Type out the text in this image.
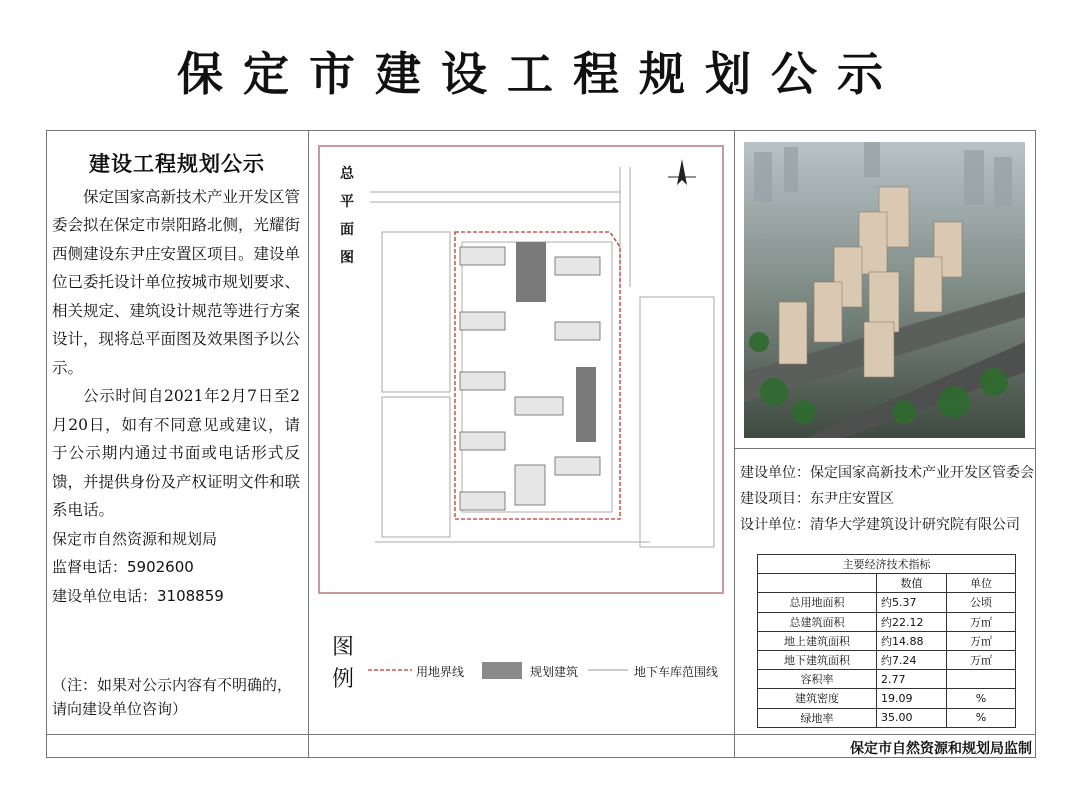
保定市建设工程规划公示
建设工程规划公示
保定国家高新技术产业开发区管委会拟在保定市崇阳路北侧，光耀街西侧建设东尹庄安置区项目。建设单位已委托设计单位按城市规划要求、相关规定、建筑设计规范等进行方案设计，现将总平面图及效果图予以公示。
公示时间自2021年2月7日至2月20日，如有不同意见或建议，请于公示期内通过书面或电话形式反馈，并提供身份及产权证明文件和联系电话。
保定市自然资源和规划局
监督电话：5902600
建设单位电话：3108859
（注：如果对公示内容有不明确的，请向建设单位咨询）
总平面图
图例	用地界线	规划建筑	地下车库范围线
建设单位：保定国家高新技术产业开发区管委会
建设项目：东尹庄安置区
设计单位：清华大学建筑设计研究院有限公司
主要经济技术指标		
	数值	单位
总用地面积	约5.37	公顷
总建筑面积	约22.12	万㎡
地上建筑面积	约14.88	万㎡
地下建筑面积	约7.24	万㎡
容积率	2.77	
建筑密度	19.09	%
绿地率	35.00	%
保定市自然资源和规划局监制
